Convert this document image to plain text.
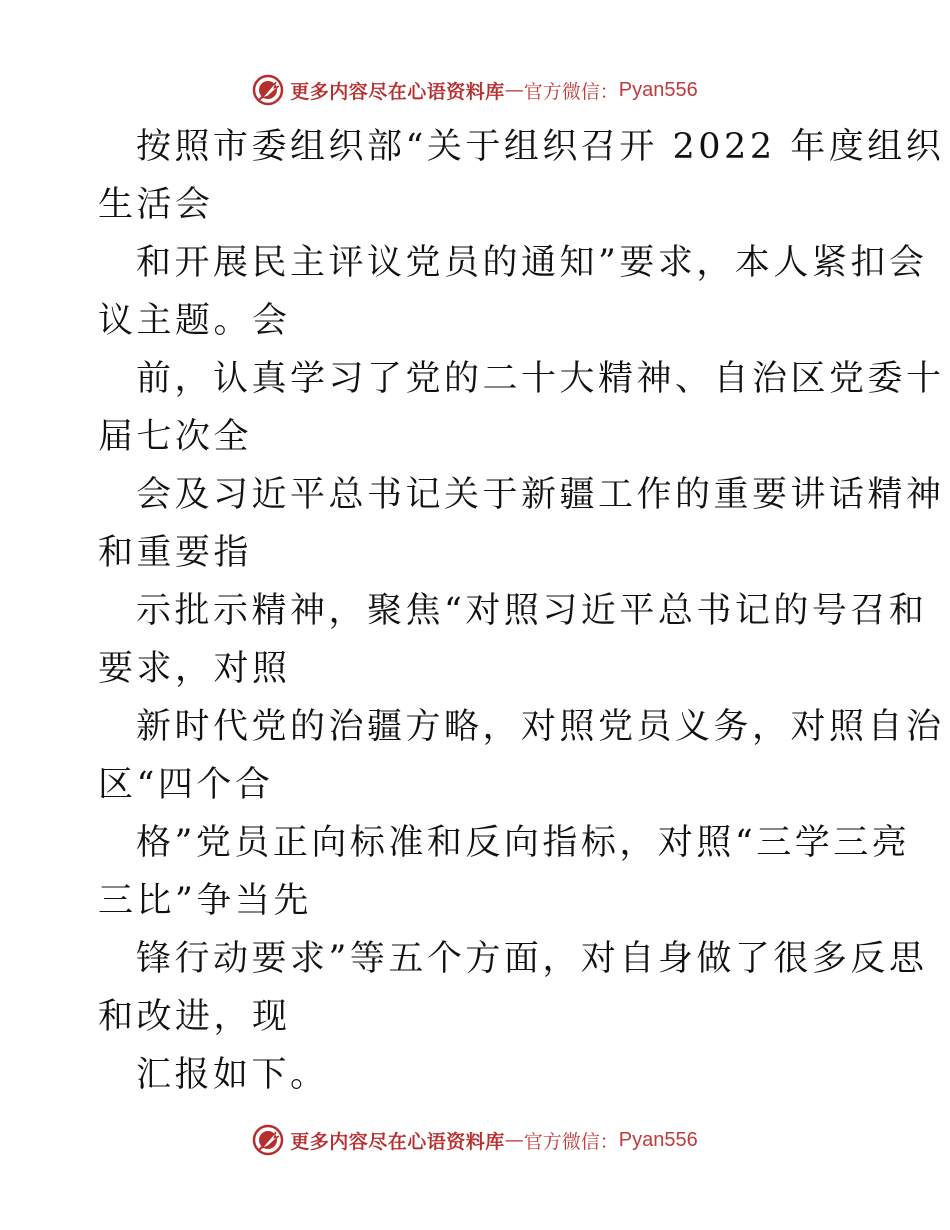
更多内容尽在心语资料库 — 官方微信： Pyan556
按照市委组织部“关于组织召开 2022 年度组织
生活会
和开展民主评议党员的通知”要求，本人紧扣会
议主题。会
前，认真学习了党的二十大精神、自治区党委十
届七次全
会及习近平总书记关于新疆工作的重要讲话精神
和重要指
示批示精神，聚焦“对照习近平总书记的号召和
要求，对照
新时代党的治疆方略，对照党员义务，对照自治
区“四个合
格”党员正向标准和反向指标，对照“三学三亮
三比”争当先
锋行动要求”等五个方面，对自身做了很多反思
和改进，现
汇报如下。
更多内容尽在心语资料库 — 官方微信： Pyan556
